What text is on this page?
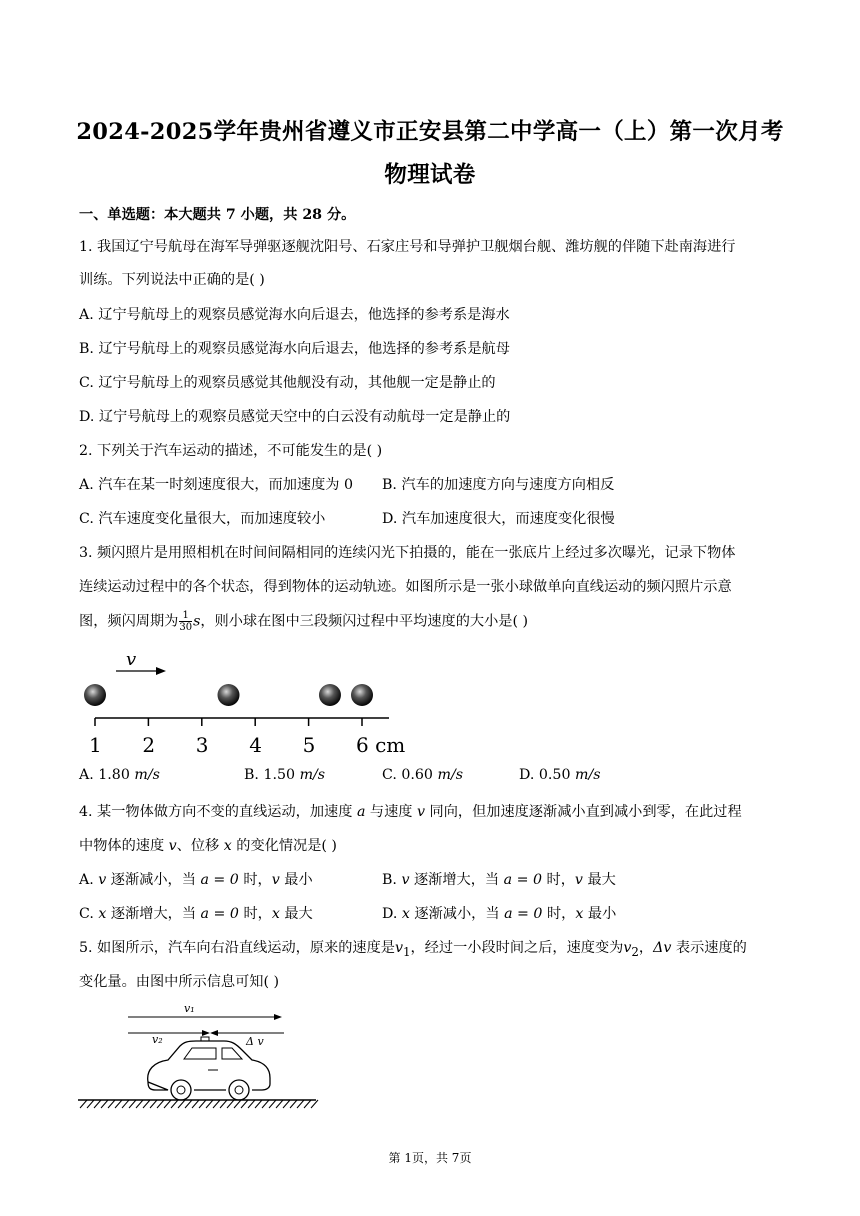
2024-2025学年贵州省遵义市正安县第二中学高一（上）第一次月考
物理试卷
一、单选题：本大题共 7 小题，共 28 分。
1. 我国辽宁号航母在海军导弹驱逐舰沈阳号、石家庄号和导弹护卫舰烟台舰、潍坊舰的伴随下赴南海进行
训练。下列说法中正确的是( )
A. 辽宁号航母上的观察员感觉海水向后退去，他选择的参考系是海水
B. 辽宁号航母上的观察员感觉海水向后退去，他选择的参考系是航母
C. 辽宁号航母上的观察员感觉其他舰没有动，其他舰一定是静止的
D. 辽宁号航母上的观察员感觉天空中的白云没有动航母一定是静止的
2. 下列关于汽车运动的描述，不可能发生的是( )
A. 汽车在某一时刻速度很大，而加速度为 0 B. 汽车的加速度方向与速度方向相反
C. 汽车速度变化量很大，而加速度较小	D. 汽车加速度很大，而速度变化很慢
3. 频闪照片是用照相机在时间间隔相同的连续闪光下拍摄的，能在一张底片上经过多次曝光，记录下物体
连续运动过程中的各个状态，得到物体的运动轨迹。如图所示是一张小球做单向直线运动的频闪照片示意
图，频闪周期为 $\frac{1}{30}$ s，则小球在图中三段频闪过程中平均速度的大小是( )
v
1 2 3 4 5 6 cm
A. 1.80 m/s	B. 1.50 m/s	C. 0.60 m/s	D. 0.50 m/s
4. 某一物体做方向不变的直线运动，加速度 a 与速度 v 同向，但加速度逐渐减小直到减小到零，在此过程
中物体的速度 v、位移 x 的变化情况是( )
A. v 逐渐减小，当 a = 0 时，v 最小	B. v 逐渐增大，当 a = 0 时，v 最大
C. x 逐渐增大，当 a = 0 时，x 最大	D. x 逐渐减小，当 a = 0 时，x 最小
5. 如图所示，汽车向右沿直线运动，原来的速度是$v_1$，经过一小段时间之后，速度变为$v_2$，Δv 表示速度的
变化量。由图中所示信息可知( )
v₁
v₂	Δ v
第 1页，共 7页
